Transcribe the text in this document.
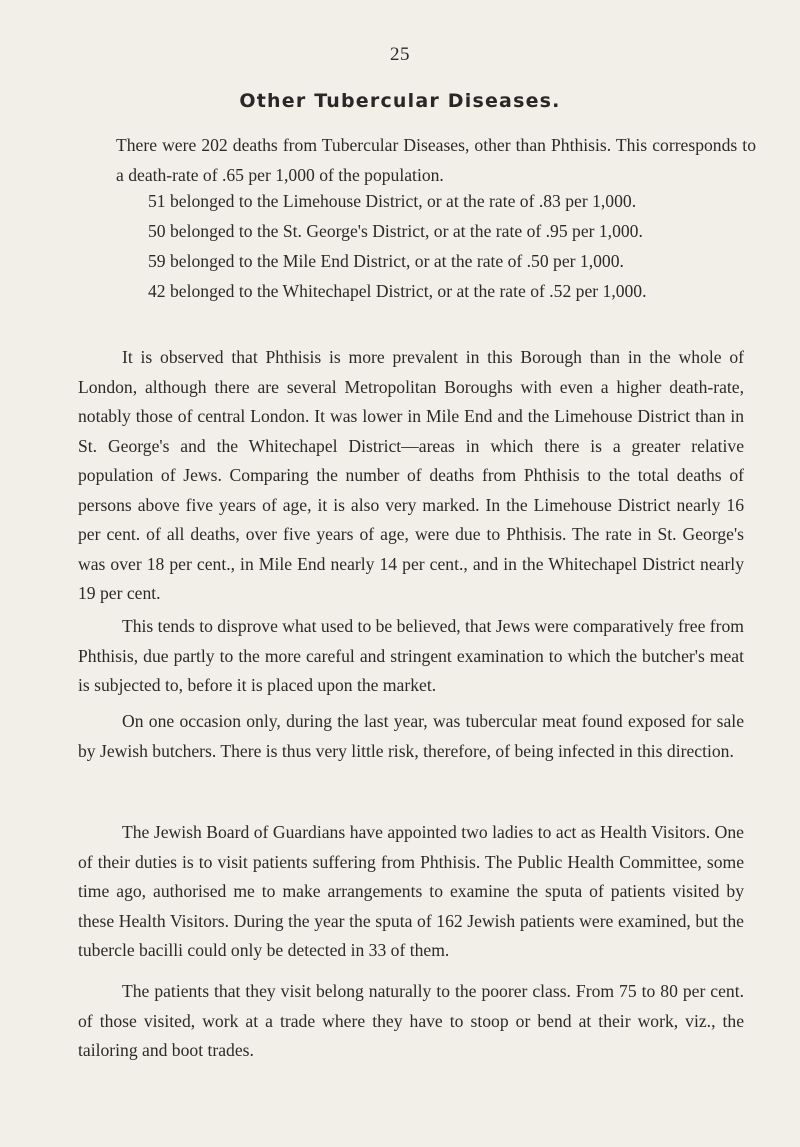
25
Other Tubercular Diseases.

There were 202 deaths from Tubercular Diseases, other than Phthisis. This corresponds to a death-rate of .65 per 1,000 of the population.

51 belonged to the Limehouse District, or at the rate of .83 per 1,000.
50 belonged to the St. George's District, or at the rate of .95 per 1,000.
59 belonged to the Mile End District, or at the rate of .50 per 1,000.
42 belonged to the Whitechapel District, or at the rate of .52 per 1,000.

It is observed that Phthisis is more prevalent in this Borough than in the whole of London, although there are several Metropolitan Boroughs with even a higher death-rate, notably those of central London. It was lower in Mile End and the Limehouse District than in St. George's and the Whitechapel District—areas in which there is a greater relative population of Jews. Comparing the number of deaths from Phthisis to the total deaths of persons above five years of age, it is also very marked. In the Limehouse District nearly 16 per cent. of all deaths, over five years of age, were due to Phthisis. The rate in St. George's was over 18 per cent., in Mile End nearly 14 per cent., and in the Whitechapel District nearly 19 per cent.

This tends to disprove what used to be believed, that Jews were comparatively free from Phthisis, due partly to the more careful and stringent examination to which the butcher's meat is subjected to, before it is placed upon the market.

On one occasion only, during the last year, was tubercular meat found exposed for sale by Jewish butchers. There is thus very little risk, therefore, of being infected in this direction.

The Jewish Board of Guardians have appointed two ladies to act as Health Visitors. One of their duties is to visit patients suffering from Phthisis. The Public Health Committee, some time ago, authorised me to make arrangements to examine the sputa of patients visited by these Health Visitors. During the year the sputa of 162 Jewish patients were examined, but the tubercle bacilli could only be detected in 33 of them.

The patients that they visit belong naturally to the poorer class. From 75 to 80 per cent. of those visited, work at a trade where they have to stoop or bend at their work, viz., the tailoring and boot trades.
